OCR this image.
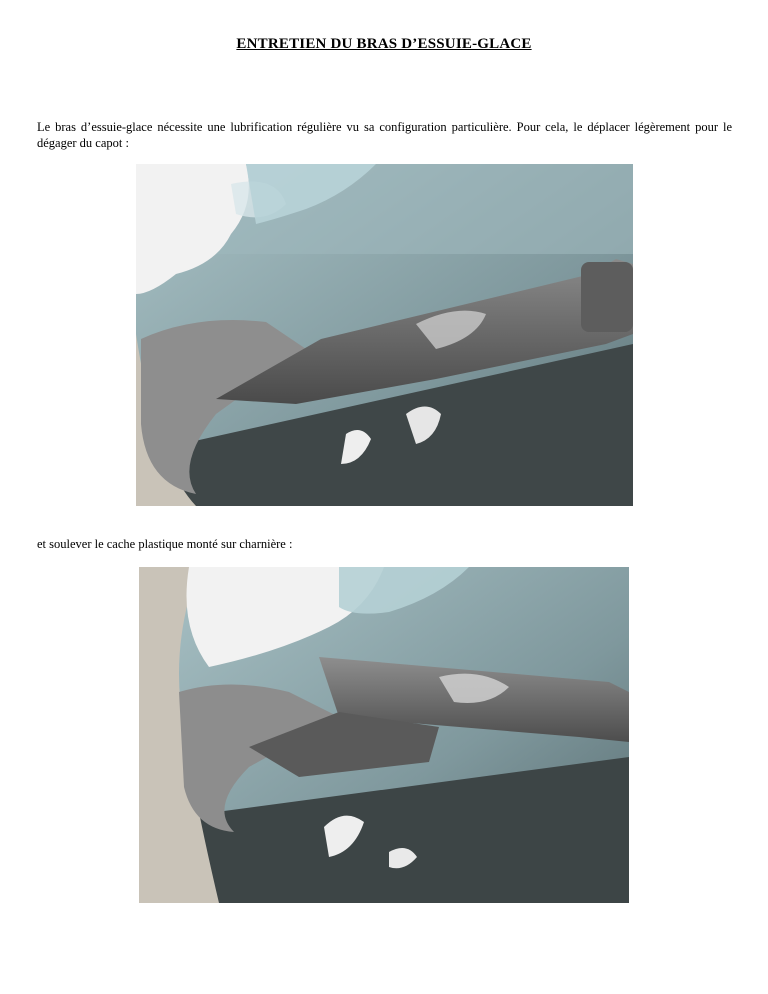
ENTRETIEN DU BRAS D’ESSUIE-GLACE
Le bras d’essuie-glace nécessite une lubrification régulière vu sa configuration particulière. Pour cela, le déplacer légèrement pour le dégager du capot :
et soulever le cache plastique monté sur charnière :
